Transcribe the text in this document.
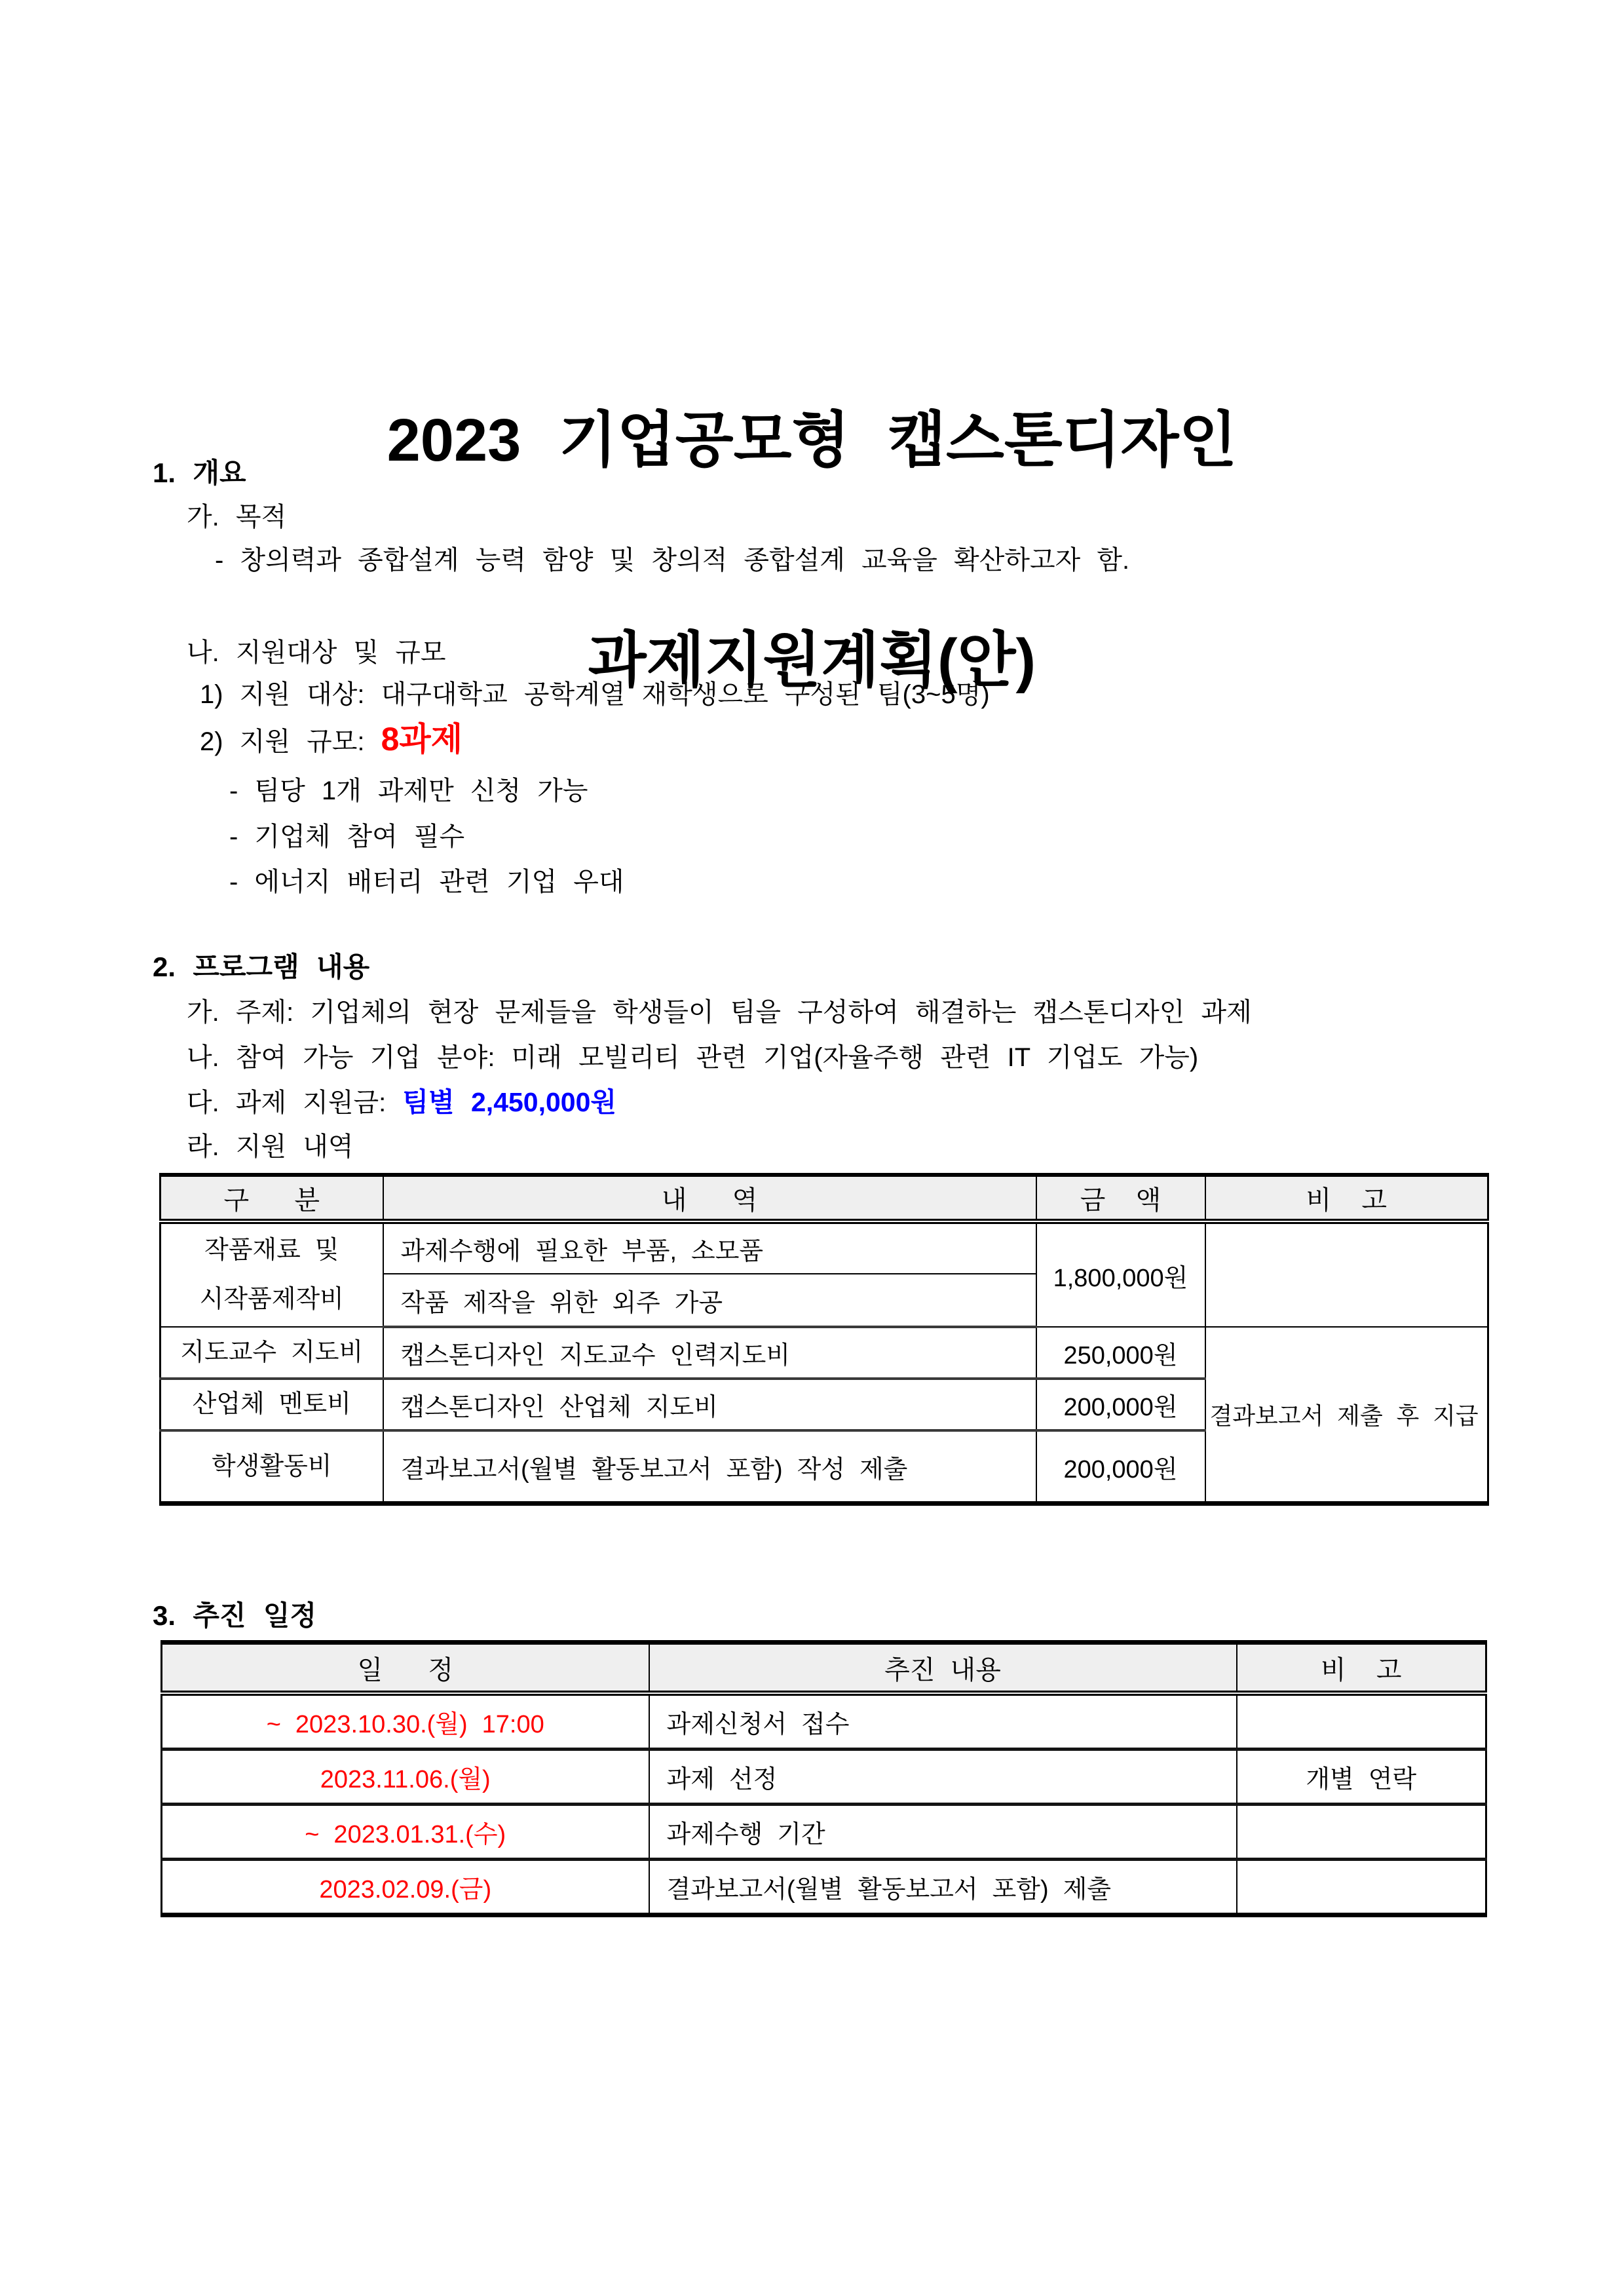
2023 기업공모형 캡스톤디자인

과제지원계획(안)

1. 개요
가. 목적
- 창의력과 종합설계 능력 함양 및 창의적 종합설계 교육을 확산하고자 함.
나. 지원대상 및 규모
1) 지원 대상: 대구대학교 공학계열 재학생으로 구성된 팀(3~5명)
2) 지원 규모: 8과제
- 팀당 1개 과제만 신청 가능
- 기업체 참여 필수
- 에너지 배터리 관련 기업 우대
2. 프로그램 내용
가. 주제: 기업체의 현장 문제들을 학생들이 팀을 구성하여 해결하는 캡스톤디자인 과제
나. 참여 가능 기업 분야: 미래 모빌리티 관련 기업(자율주행 관련 IT 기업도 가능)
다. 과제 지원금: 팀별 2,450,000원
라. 지원 내역
구   분	내   역	금  액	비  고
작품재료 및
시작품제작비	과제수행에 필요한 부품, 소모품	1,800,000원	
	작품 제작을 위한 외주 가공		
지도교수 지도비	캡스톤디자인 지도교수 인력지도비	250,000원	결과보고서 제출 후 지급
산업체 멘토비	캡스톤디자인 산업체 지도비	200,000원	
학생활동비	결과보고서(월별 활동보고서 포함) 작성 제출	200,000원	
3. 추진 일정
일   정	추진 내용	비  고
~ 2023.10.30.(월) 17:00	과제신청서 접수	
2023.11.06.(월)	과제 선정	개별 연락
~ 2023.01.31.(수)	과제수행 기간	
2023.02.09.(금)	결과보고서(월별 활동보고서 포함) 제출	
